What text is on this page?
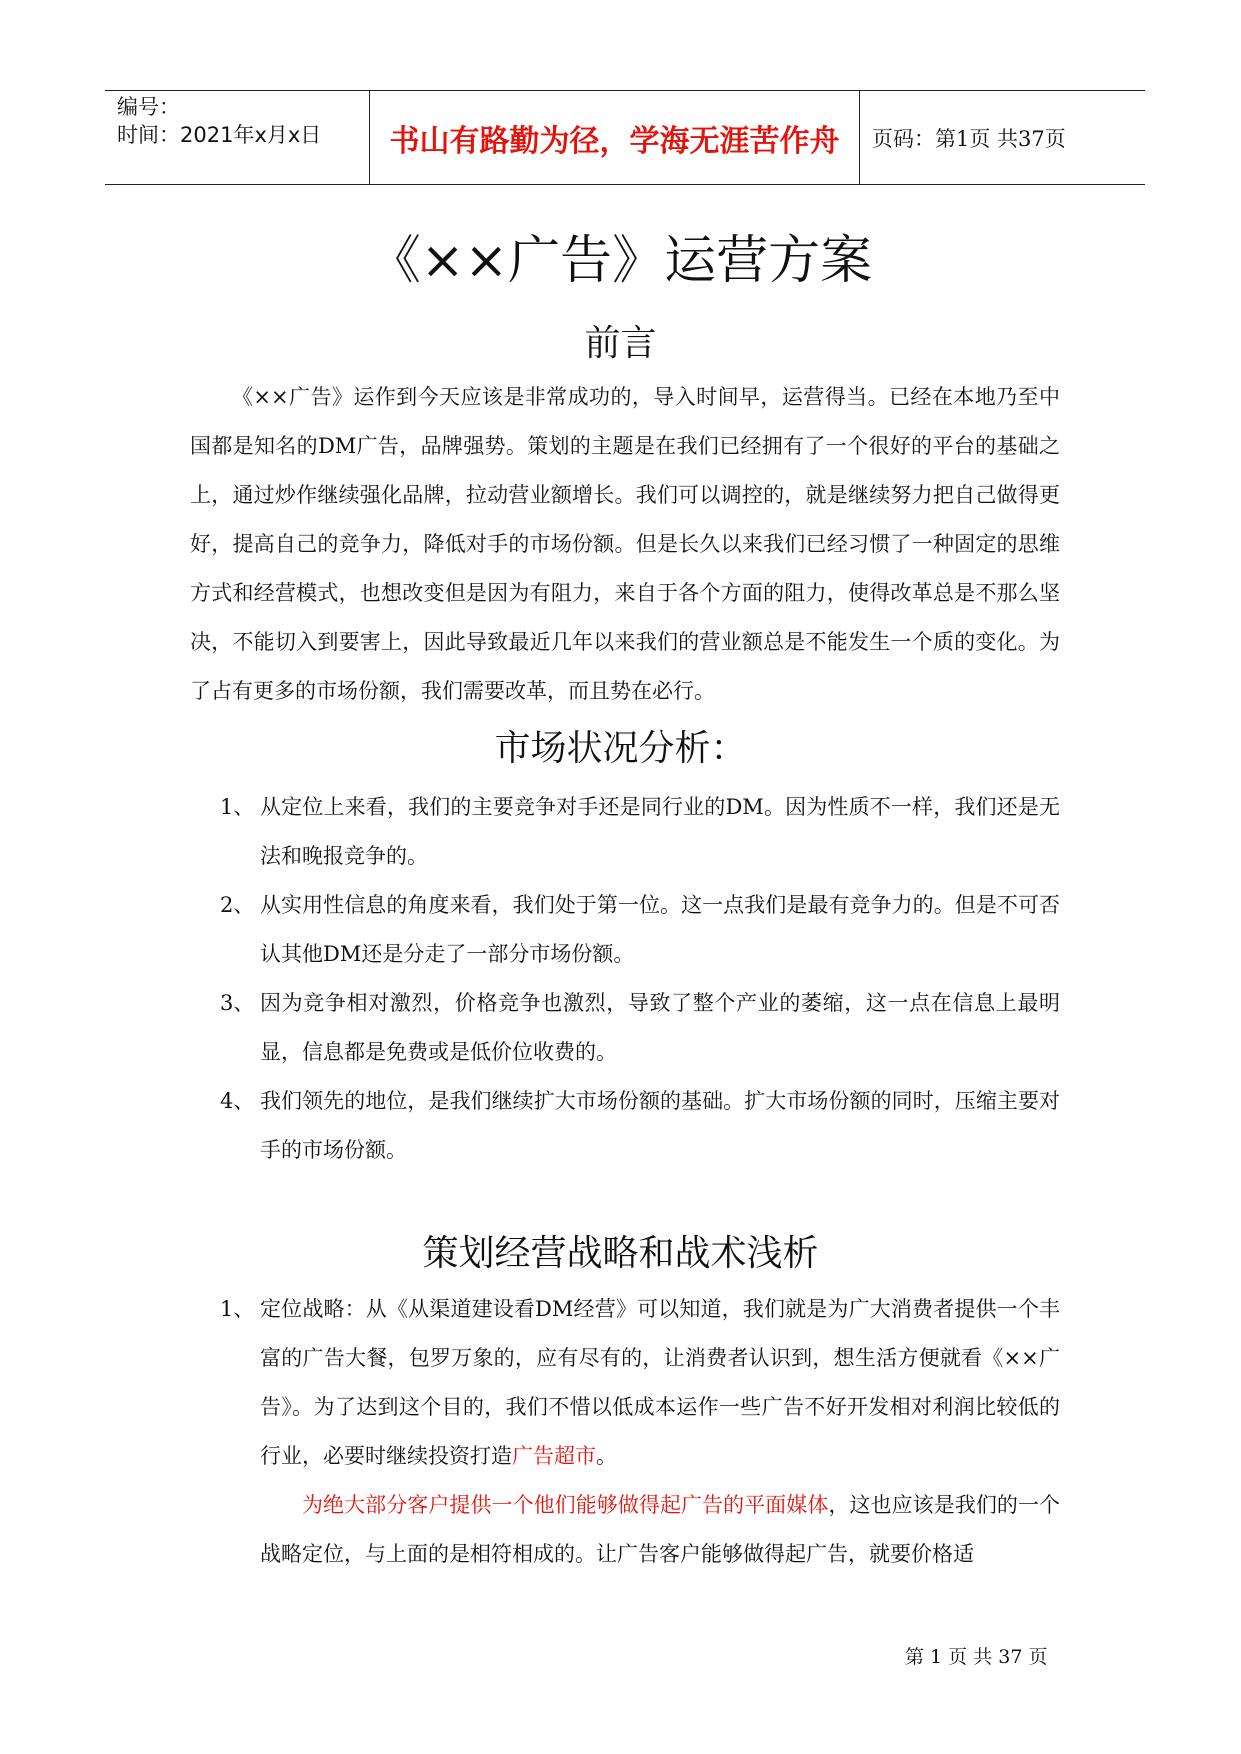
编号：
时间：2021年x月x日	书山有路勤为径，学海无涯苦作舟	页码：第1页 共37页
《××广告》运营方案
前言

《××广告》运作到今天应该是非常成功的，导入时间早，运营得当。已经在本地乃至中国都是知名的DM广告，品牌强势。策划的主题是在我们已经拥有了一个很好的平台的基础之上，通过炒作继续强化品牌，拉动营业额增长。我们可以调控的，就是继续努力把自己做得更好，提高自己的竞争力，降低对手的市场份额。但是长久以来我们已经习惯了一种固定的思维方式和经营模式，也想改变但是因为有阻力，来自于各个方面的阻力，使得改革总是不那么坚决，不能切入到要害上，因此导致最近几年以来我们的营业额总是不能发生一个质的变化。为了占有更多的市场份额，我们需要改革，而且势在必行。

市场状况分析：
1、 从定位上来看，我们的主要竞争对手还是同行业的DM。因为性质不一样，我们还是无法和晚报竞争的。
2、 从实用性信息的角度来看，我们处于第一位。这一点我们是最有竞争力的。但是不可否认其他DM还是分走了一部分市场份额。
3、 因为竞争相对激烈，价格竞争也激烈，导致了整个产业的萎缩，这一点在信息上最明显，信息都是免费或是低价位收费的。
4、 我们领先的地位，是我们继续扩大市场份额的基础。扩大市场份额的同时，压缩主要对手的市场份额。
策划经营战略和战术浅析
1、 定位战略：从《从渠道建设看DM经营》可以知道，我们就是为广大消费者提供一个丰富的广告大餐，包罗万象的，应有尽有的，让消费者认识到，想生活方便就看《××广告》。为了达到这个目的，我们不惜以低成本运作一些广告不好开发相对利润比较低的行业，必要时继续投资打造广告超市。

为绝大部分客户提供一个他们能够做得起广告的平面媒体，这也应该是我们的一个战略定位，与上面的是相符相成的。让广告客户能够做得起广告，就要价格适

第 1 页 共 37 页
